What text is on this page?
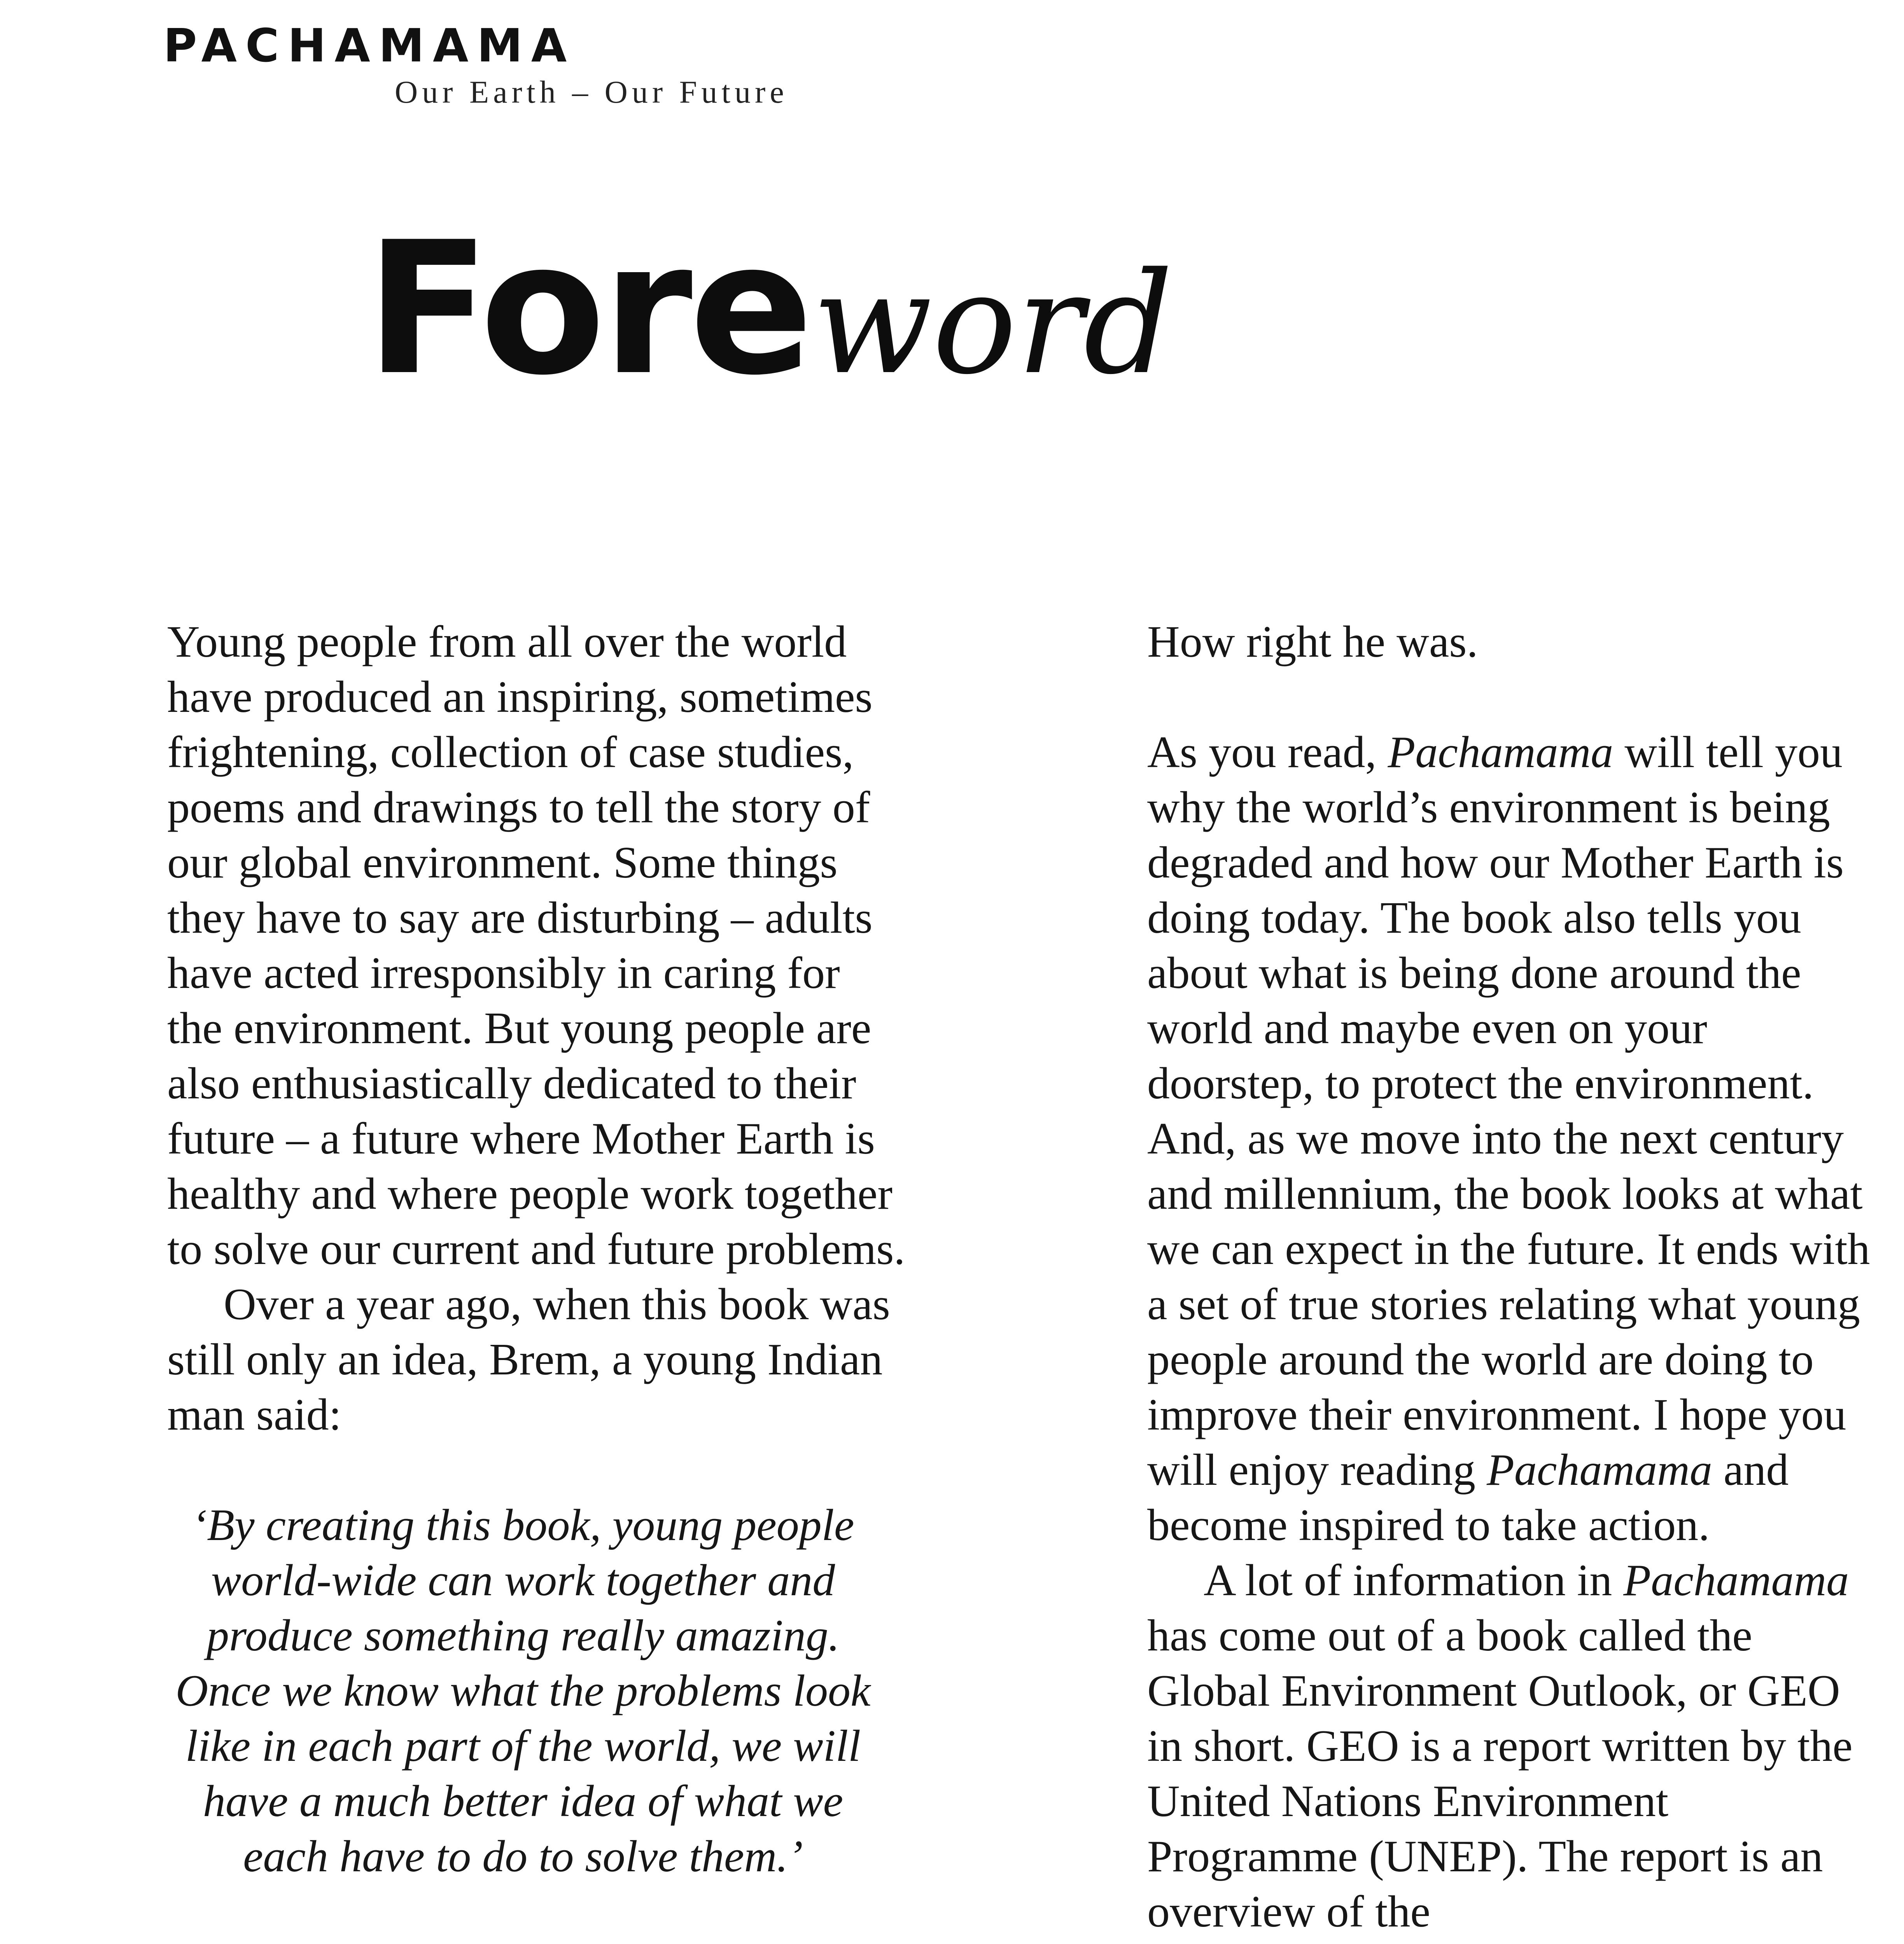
PACHAMAMA
Our Earth – Our Future
Foreword

Young people from all over the world have produced an inspiring, sometimes frightening, collection of case studies, poems and drawings to tell the story of our global environment. Some things they have to say are disturbing – adults have acted irresponsibly in caring for the environment. But young people are also enthusiastically dedicated to their future – a future where Mother Earth is healthy and where people work together to solve our current and future problems.

Over a year ago, when this book was still only an idea, Brem, a young Indian man said:

‘By creating this book, young people world-wide can work together and produce something really amazing. Once we know what the problems look like in each part of the world, we will have a much better idea of what we each have to do to solve them.’

How right he was.

As you read, Pachamama will tell you why the world’s environment is being degraded and how our Mother Earth is doing today. The book also tells you about what is being done around the world and maybe even on your doorstep, to protect the environment. And, as we move into the next century and millennium, the book looks at what we can expect in the future. It ends with a set of true stories relating what young people around the world are doing to improve their environment. I hope you will enjoy reading Pachamama and become inspired to take action.

A lot of information in Pachamama has come out of a book called the Global Environment Outlook, or GEO in short. GEO is a report written by the United Nations Environment Programme (UNEP). The report is an overview of the
